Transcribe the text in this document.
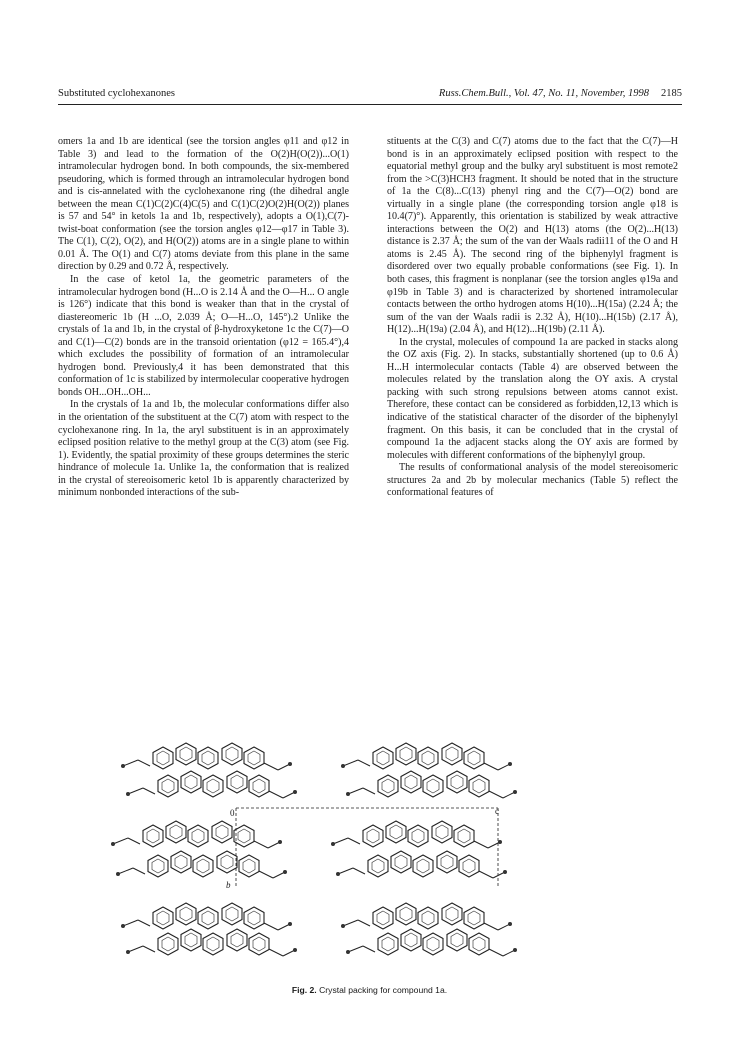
Substituted cyclohexanones	Russ.Chem.Bull., Vol. 47, No. 11, November, 1998 2185

omers 1a and 1b are identical (see the torsion angles φ11 and φ12 in Table 3) and lead to the formation of the O(2)H(O(2))...O(1) intramolecular hydrogen bond. In both compounds, the six-membered pseudoring, which is formed through an intramolecular hydrogen bond and is cis-annelated with the cyclohexanone ring (the dihedral angle between the mean C(1)C(2)C(4)C(5) and C(1)C(2)O(2)H(O(2)) planes is 57 and 54° in ketols 1a and 1b, respectively), adopts a O(1),C(7)-twist-boat conformation (see the torsion angles φ12—φ17 in Table 3). The C(1), C(2), O(2), and H(O(2)) atoms are in a single plane to within 0.01 Å. The O(1) and C(7) atoms deviate from this plane in the same direction by 0.29 and 0.72 Å, respectively.

In the case of ketol 1a, the geometric parameters of the intramolecular hydrogen bond (H...O is 2.14 Å and the O—H... O angle is 126°) indicate that this bond is weaker than that in the crystal of diastereomeric 1b (H ...O, 2.039 Å; O—H...O, 145°).2 Unlike the crystals of 1a and 1b, in the crystal of β-hydroxyketone 1c the C(7)—O and C(1)—C(2) bonds are in the transoid orientation (φ12 = 165.4°),4 which excludes the possibility of formation of an intramolecular hydrogen bond. Previously,4 it has been demonstrated that this conformation of 1c is stabilized by intermolecular cooperative hydrogen bonds OH...OH...OH...

In the crystals of 1a and 1b, the molecular conformations differ also in the orientation of the substituent at the C(7) atom with respect to the cyclohexanone ring. In 1a, the aryl substituent is in an approximately eclipsed position relative to the methyl group at the C(3) atom (see Fig. 1). Evidently, the spatial proximity of these groups determines the steric hindrance of molecule 1a. Unlike 1a, the conformation that is realized in the crystal of stereoisomeric ketol 1b is apparently characterized by minimum nonbonded interactions of the sub-

stituents at the C(3) and C(7) atoms due to the fact that the C(7)—H bond is in an approximately eclipsed position with respect to the equatorial methyl group and the bulky aryl substituent is most remote2 from the >C(3)HCH3 fragment. It should be noted that in the structure of 1a the C(8)...C(13) phenyl ring and the C(7)—O(2) bond are virtually in a single plane (the corresponding torsion angle φ18 is 10.4(7)°). Apparently, this orientation is stabilized by weak attractive interactions between the O(2) and H(13) atoms (the O(2)...H(13) distance is 2.37 Å; the sum of the van der Waals radii11 of the O and H atoms is 2.45 Å). The second ring of the biphenylyl fragment is disordered over two equally probable conformations (see Fig. 1). In both cases, this fragment is nonplanar (see the torsion angles φ19a and φ19b in Table 3) and is characterized by shortened intramolecular contacts between the ortho hydrogen atoms H(10)...H(15a) (2.24 Å; the sum of the van der Waals radii is 2.32 Å), H(10)...H(15b) (2.17 Å), H(12)...H(19a) (2.04 Å), and H(12)...H(19b) (2.11 Å).

In the crystal, molecules of compound 1a are packed in stacks along the OZ axis (Fig. 2). In stacks, substantially shortened (up to 0.6 Å) H...H intermolecular contacts (Table 4) are observed between the molecules related by the translation along the OY axis. A crystal packing with such strong repulsions between atoms cannot exist. Therefore, these contact can be considered as forbidden,12,13 which is indicative of the statistical character of the disorder of the biphenylyl fragment. On this basis, it can be concluded that in the crystal of compound 1a the adjacent stacks along the OY axis are formed by molecules with different conformations of the biphenylyl group.

The results of conformational analysis of the model stereoisomeric structures 2a and 2b by molecular mechanics (Table 5) reflect the conformational features of

0	c
b
Fig. 2. Crystal packing for compound 1a.
